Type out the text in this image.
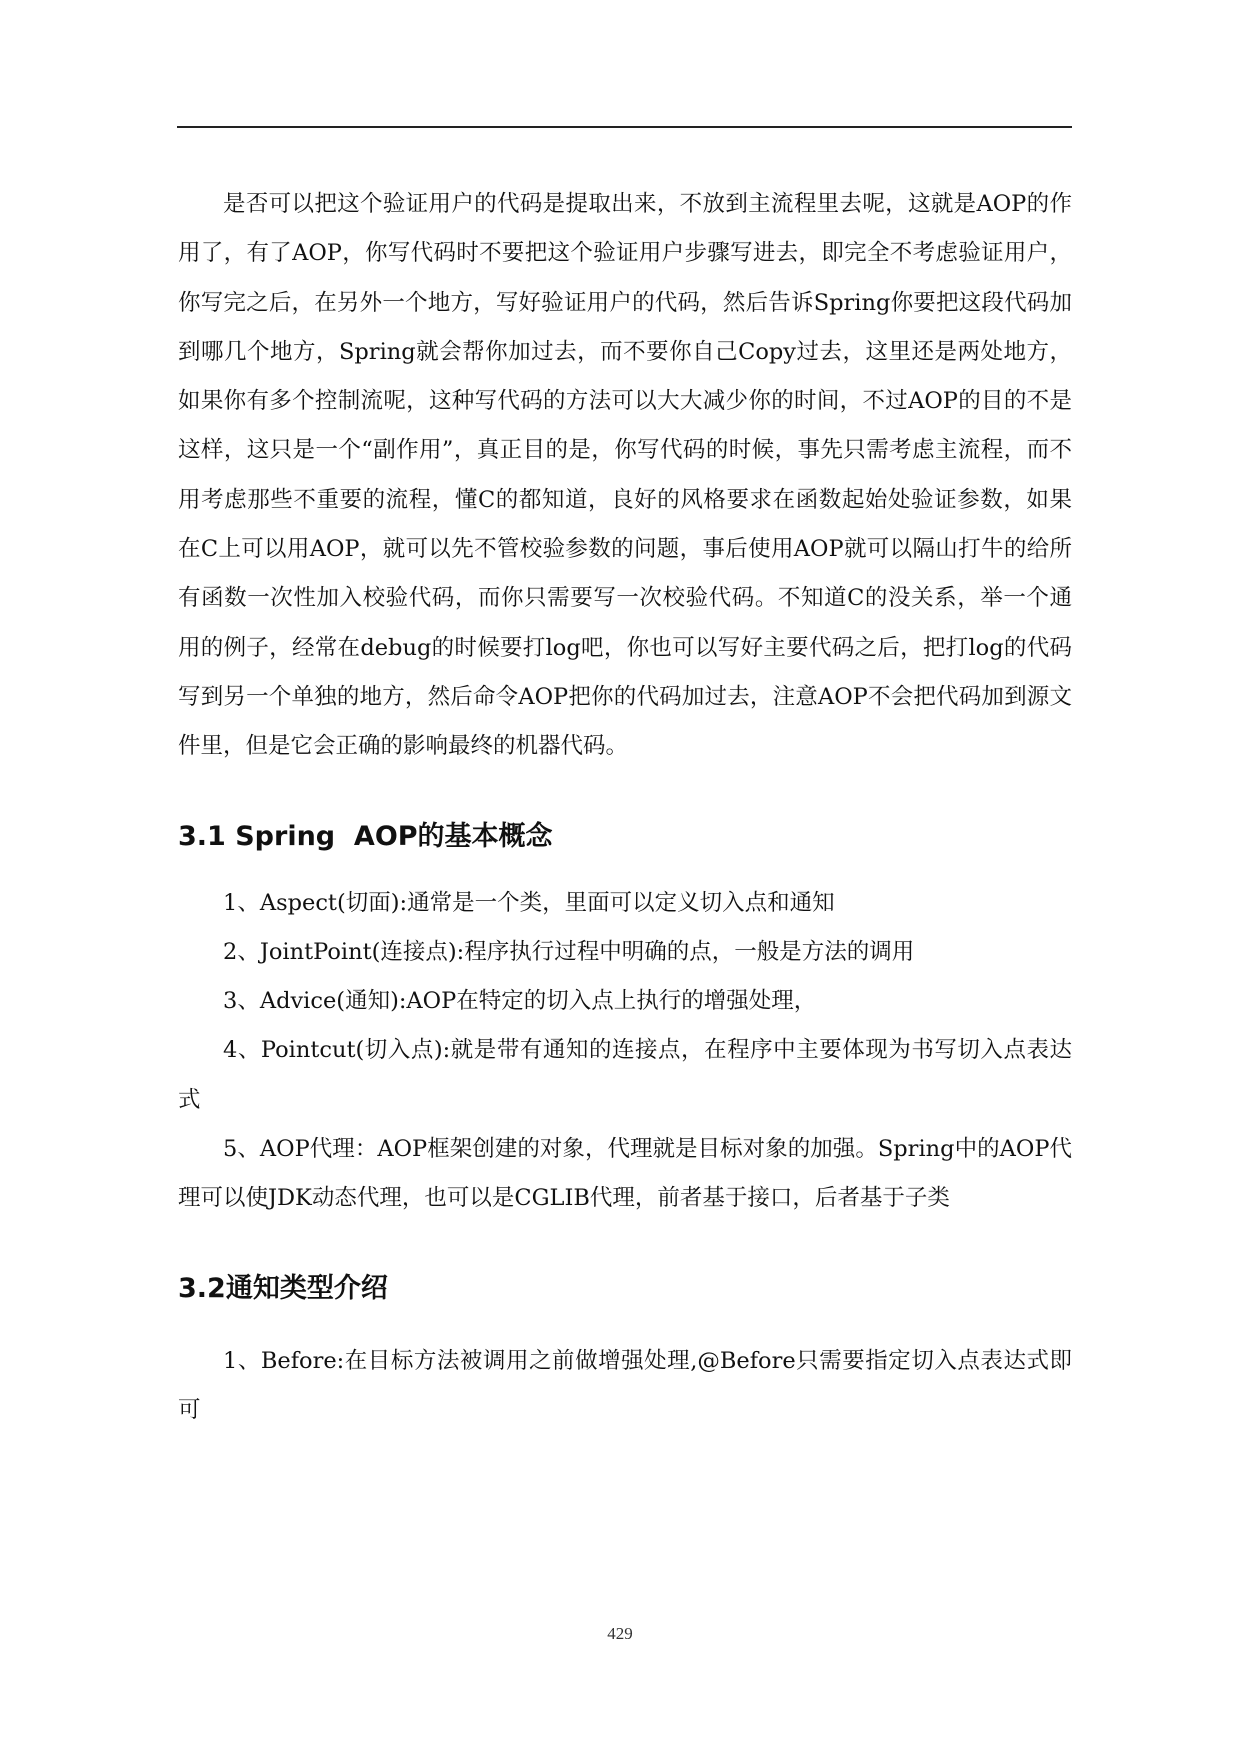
是否可以把这个验证用户的代码是提取出来，不放到主流程里去呢，这就是AOP的作用了，有了AOP，你写代码时不要把这个验证用户步骤写进去，即完全不考虑验证用户，你写完之后，在另外一个地方，写好验证用户的代码，然后告诉Spring你要把这段代码加到哪几个地方，Spring就会帮你加过去，而不要你自己Copy过去，这里还是两处地方，如果你有多个控制流呢，这种写代码的方法可以大大减少你的时间，不过AOP的目的不是这样，这只是一个“副作用”，真正目的是，你写代码的时候，事先只需考虑主流程，而不用考虑那些不重要的流程，懂C的都知道，良好的风格要求在函数起始处验证参数，如果在C上可以用AOP，就可以先不管校验参数的问题，事后使用AOP就可以隔山打牛的给所有函数一次性加入校验代码，而你只需要写一次校验代码。不知道C的没关系，举一个通用的例子，经常在debug的时候要打log吧，你也可以写好主要代码之后，把打log的代码写到另一个单独的地方，然后命令AOP把你的代码加过去，注意AOP不会把代码加到源文件里，但是它会正确的影响最终的机器代码。

3.1 Spring  AOP的基本概念

1、Aspect(切面):通常是一个类，里面可以定义切入点和通知

2、JointPoint(连接点):程序执行过程中明确的点，一般是方法的调用

3、Advice(通知):AOP在特定的切入点上执行的增强处理，

4、Pointcut(切入点):就是带有通知的连接点，在程序中主要体现为书写切入点表达式

5、AOP代理：AOP框架创建的对象，代理就是目标对象的加强。Spring中的AOP代理可以使JDK动态代理，也可以是CGLIB代理，前者基于接口，后者基于子类

3.2通知类型介绍

1、Before:在目标方法被调用之前做增强处理,@Before只需要指定切入点表达式即可

429
